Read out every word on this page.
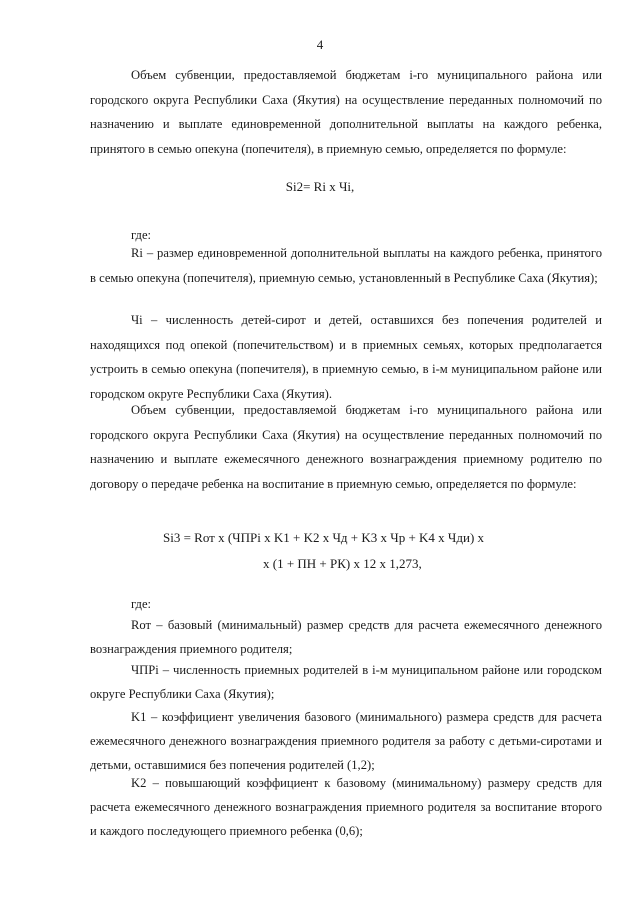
4

Объем субвенции, предоставляемой бюджетам i-го муниципального района или городского округа Республики Саха (Якутия) на осуществление переданных полномочий по назначению и выплате единовременной дополнительной выплаты на каждого ребенка, принятого в семью опекуна (попечителя), в приемную семью, определяется по формуле:

Si2= Ri x Чi,

где:

Ri – размер единовременной дополнительной выплаты на каждого ребенка, принятого в семью опекуна (попечителя), приемную семью, установленный в Республике Саха (Якутия);

Чi – численность детей-сирот и детей, оставшихся без попечения родителей и находящихся под опекой (попечительством) и в приемных семьях, которых предполагается устроить в семью опекуна (попечителя), в приемную семью, в i-м муниципальном районе или городском округе Республики Саха (Якутия).

Объем субвенции, предоставляемой бюджетам i-го муниципального района или городского округа Республики Саха (Якутия) на осуществление переданных полномочий по назначению и выплате ежемесячного денежного вознаграждения приемному родителю по договору о передаче ребенка на воспитание в приемную семью, определяется по формуле:

Si3 = Rот x (ЧПРi x K1 + K2 x Чд + K3 x Чр + K4 x Чди) x

x (1 + ПН + РК) x 12 x 1,273,

где:

Rот – базовый (минимальный) размер средств для расчета ежемесячного денежного вознаграждения приемного родителя;

ЧПРi – численность приемных родителей в i-м муниципальном районе или городском округе Республики Саха (Якутия);

K1 – коэффициент увеличения базового (минимального) размера средств для расчета ежемесячного денежного вознаграждения приемного родителя за работу с детьми-сиротами и детьми, оставшимися без попечения родителей (1,2);

K2 – повышающий коэффициент к базовому (минимальному) размеру средств для расчета ежемесячного денежного вознаграждения приемного родителя за воспитание второго и каждого последующего приемного ребенка (0,6);
